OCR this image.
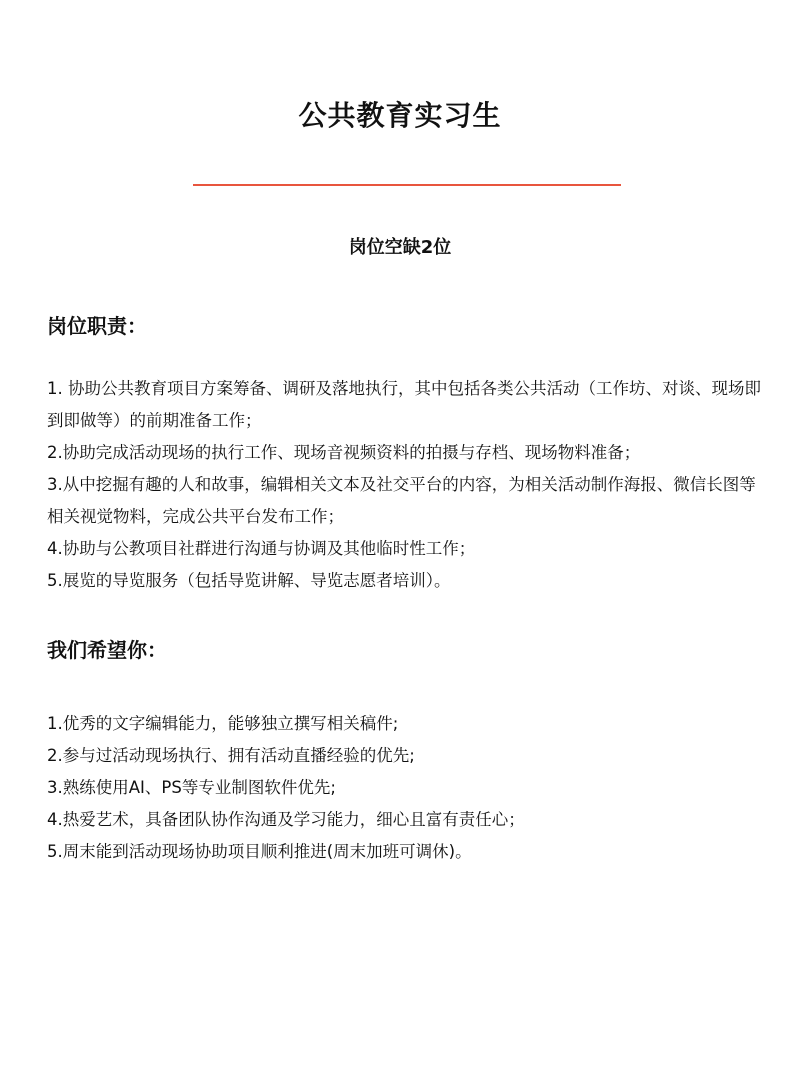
公共教育实习生

岗位空缺2位

岗位职责：
1. 协助公共教育项目方案筹备、调研及落地执行，其中包括各类公共活动（工作坊、对谈、现场即到即做等）的前期准备工作；
2.协助完成活动现场的执行工作、现场音视频资料的拍摄与存档、现场物料准备；
3.从中挖掘有趣的人和故事，编辑相关文本及社交平台的内容，为相关活动制作海报、微信长图等相关视觉物料，完成公共平台发布工作；
4.协助与公教项目社群进行沟通与协调及其他临时性工作；
5.展览的导览服务（包括导览讲解、导览志愿者培训）。
我们希望你：
1.优秀的文字编辑能力，能够独立撰写相关稿件;
2.参与过活动现场执行、拥有活动直播经验的优先;
3.熟练使用AI、PS等专业制图软件优先;
4.热爱艺术，具备团队协作沟通及学习能力，细心且富有责任心；
5.周末能到活动现场协助项目顺利推进(周末加班可调休)。
